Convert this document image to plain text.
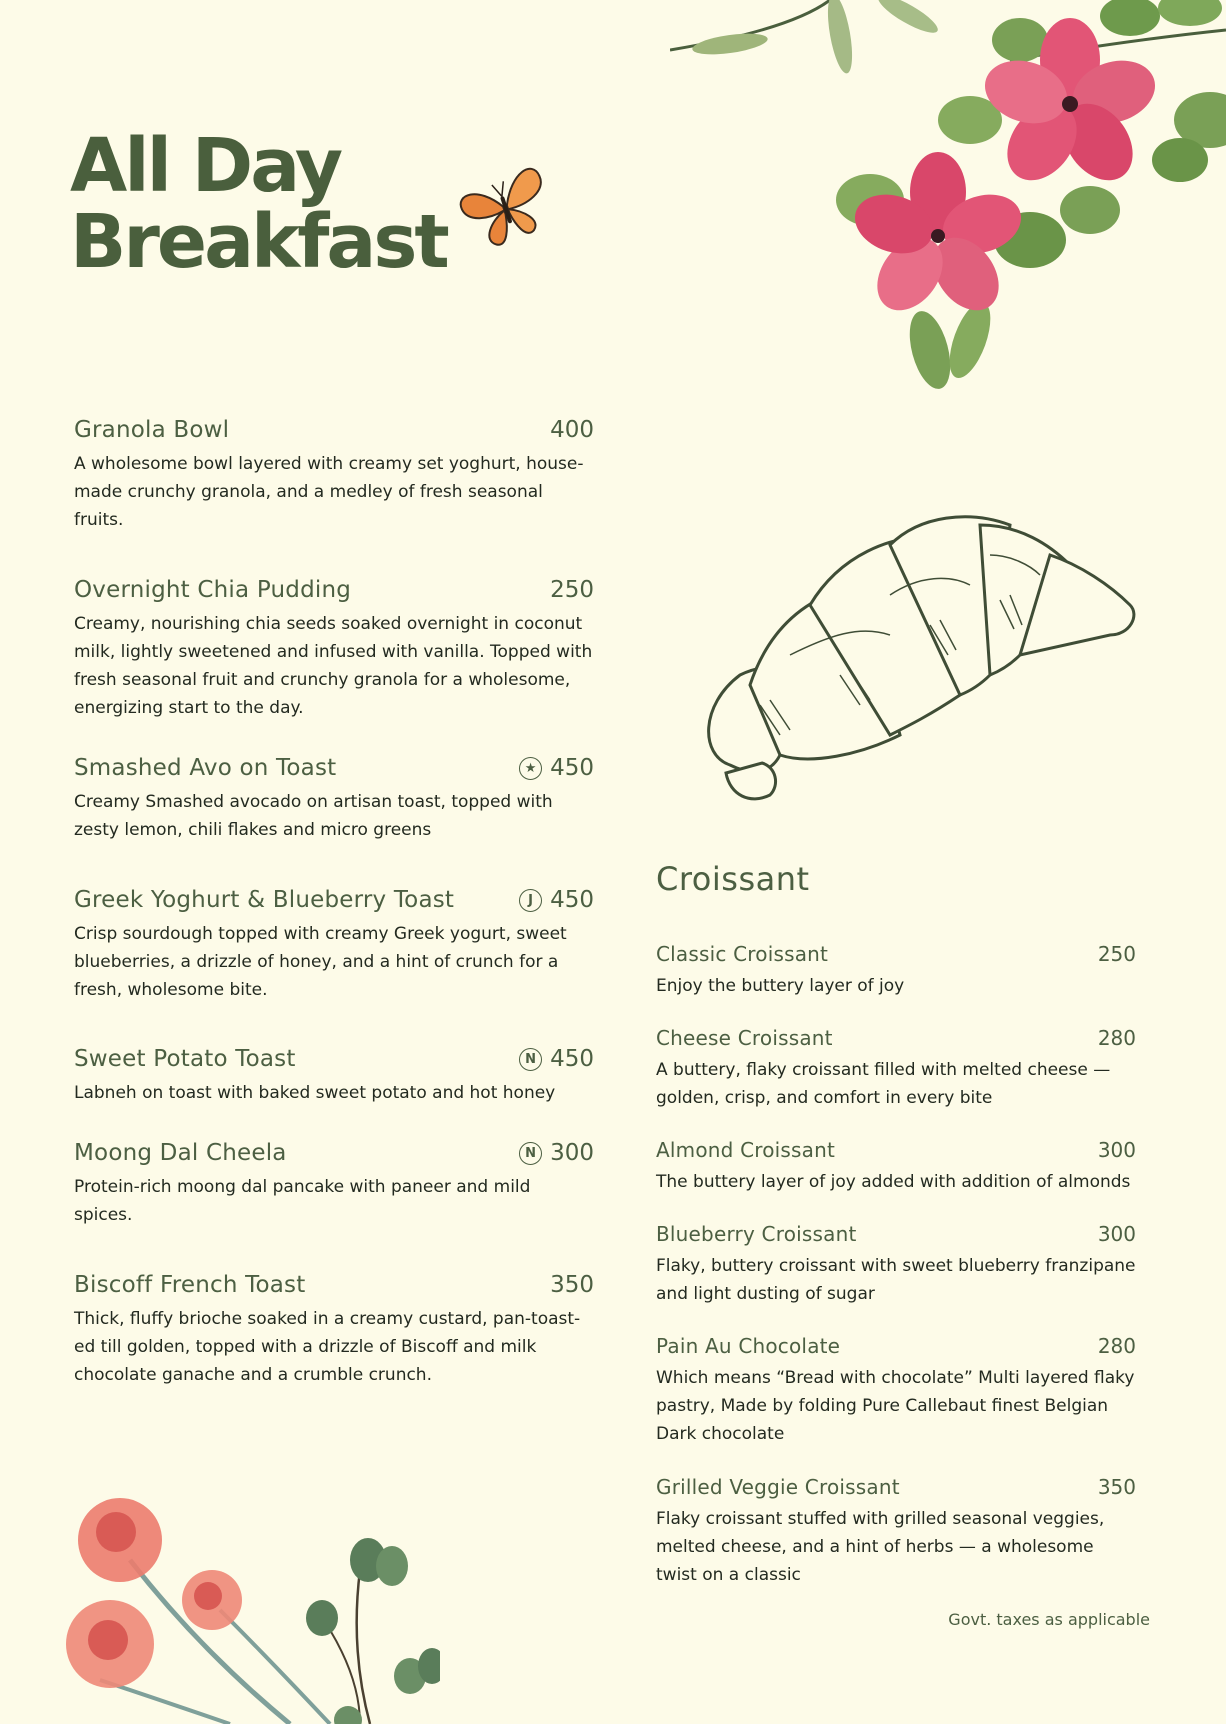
All Day
Breakfast
Granola Bowl	400

A wholesome bowl layered with creamy set yoghurt, house-made crunchy granola, and a medley of fresh seasonal fruits.

Overnight Chia Pudding	250

Creamy, nourishing chia seeds soaked overnight in coconut milk, lightly sweetened and infused with vanilla. Topped with fresh seasonal fruit and crunchy granola for a wholesome, energizing start to the day.

Smashed Avo on Toast	★ 450

Creamy Smashed avocado on artisan toast, topped with zesty lemon, chili flakes and micro greens

Greek Yoghurt & Blueberry Toast	J 450

Crisp sourdough topped with creamy Greek yogurt, sweet blueberries, a drizzle of honey, and a hint of crunch for a fresh, wholesome bite.

Sweet Potato Toast	N 450

Labneh on toast with baked sweet potato and hot honey

Moong Dal Cheela	N 300

Protein-rich moong dal pancake with paneer and mild spices.

Biscoff French Toast	350

Thick, fluffy brioche soaked in a creamy custard, pan-toast-ed till golden, topped with a drizzle of Biscoff and milk chocolate ganache and a crumble crunch.

Croissant
Classic Croissant	250

Enjoy the buttery layer of joy

Cheese Croissant	280

A buttery, flaky croissant filled with melted cheese — golden, crisp, and comfort in every bite

Almond Croissant	300

The buttery layer of joy added with addition of almonds

Blueberry Croissant	300

Flaky, buttery croissant with sweet blueberry franzipane and light dusting of sugar

Pain Au Chocolate	280

Which means “Bread with chocolate” Multi layered flaky pastry, Made by folding Pure Callebaut finest Belgian Dark chocolate

Grilled Veggie Croissant	350

Flaky croissant stuffed with grilled seasonal veggies, melted cheese, and a hint of herbs — a wholesome twist on a classic

Govt. taxes as applicable
